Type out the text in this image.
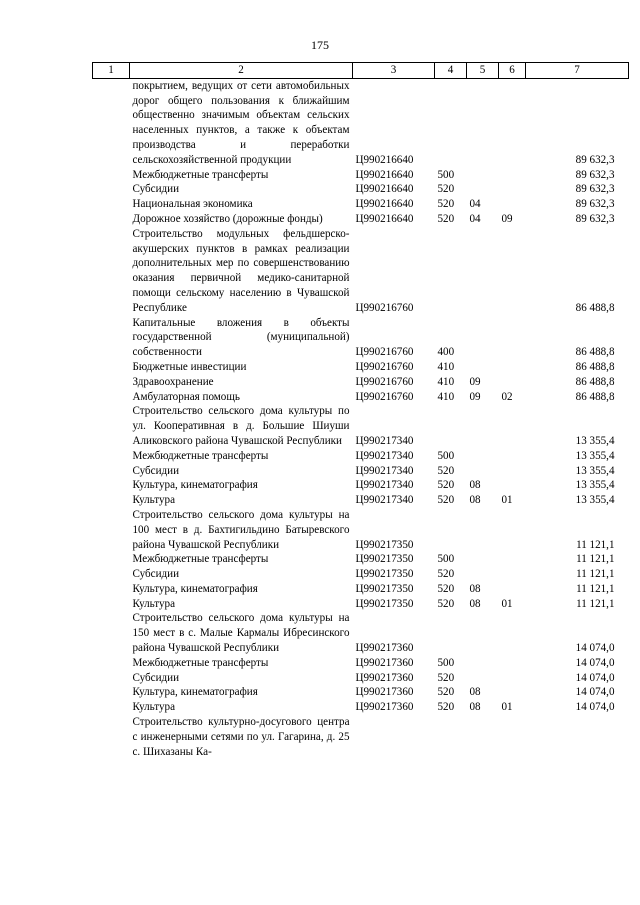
175
1	2	3	4	5	6	7
	покрытием, ведущих от сети автомобильных дорог общего пользования к ближайшим общественно значимым объектам сельских населенных пунктов, а также к объектам производства и переработки сельскохозяйственной продукции	Ц990216640				89 632,3
	Межбюджетные трансферты	Ц990216640	500			89 632,3
	Субсидии	Ц990216640	520			89 632,3
	Национальная экономика	Ц990216640	520	04		89 632,3
	Дорожное хозяйство (дорожные фонды)	Ц990216640	520	04	09	89 632,3
	Строительство модульных фельдшерско-акушерских пунктов в рамках реализации дополнительных мер по совершенствованию оказания первичной медико-санитарной помощи сельскому населению в Чувашской Республике	Ц990216760				86 488,8
	Капитальные вложения в объекты государственной (муниципальной) собственности	Ц990216760	400			86 488,8
	Бюджетные инвестиции	Ц990216760	410			86 488,8
	Здравоохранение	Ц990216760	410	09		86 488,8
	Амбулаторная помощь	Ц990216760	410	09	02	86 488,8
	Строительство сельского дома культуры по ул. Кооперативная в д. Большие Шиуши Аликовского района Чувашской Республики	Ц990217340				13 355,4
	Межбюджетные трансферты	Ц990217340	500			13 355,4
	Субсидии	Ц990217340	520			13 355,4
	Культура, кинематография	Ц990217340	520	08		13 355,4
	Культура	Ц990217340	520	08	01	13 355,4
	Строительство сельского дома культуры на 100 мест в д. Бахтигильдино Батыревского района Чувашской Республики	Ц990217350				11 121,1
	Межбюджетные трансферты	Ц990217350	500			11 121,1
	Субсидии	Ц990217350	520			11 121,1
	Культура, кинематография	Ц990217350	520	08		11 121,1
	Культура	Ц990217350	520	08	01	11 121,1
	Строительство сельского дома культуры на 150 мест в с. Малые Кармалы Ибресинского района Чувашской Республики	Ц990217360				14 074,0
	Межбюджетные трансферты	Ц990217360	500			14 074,0
	Субсидии	Ц990217360	520			14 074,0
	Культура, кинематография	Ц990217360	520	08		14 074,0
	Культура	Ц990217360	520	08	01	14 074,0
	Строительство культурно-досугового центра с инженерными сетями по ул. Гагарина, д. 25 с. Шихазаны Ка-					
